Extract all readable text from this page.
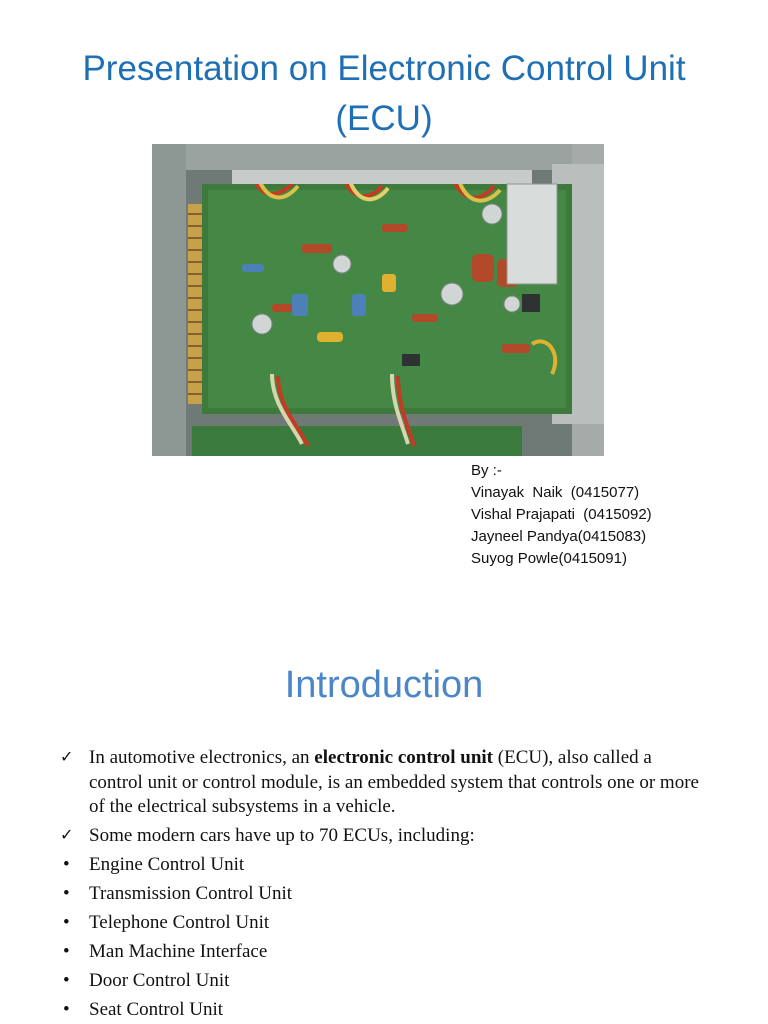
Presentation on Electronic Control Unit (ECU)
By :-
Vinayak  Naik  (0415077)
Vishal Prajapati  (0415092)
Jayneel Pandya(0415083)
Suyog Powle(0415091)
Introduction
✓ In automotive electronics, an electronic control unit (ECU), also called a control unit or control module, is an embedded system that controls one or more of the electrical subsystems in a vehicle.
✓ Some modern cars have up to 70 ECUs, including:
•	Engine Control Unit
•	Transmission Control Unit
•	Telephone Control Unit
•	Man Machine Interface
•	Door Control Unit
•	Seat Control Unit
